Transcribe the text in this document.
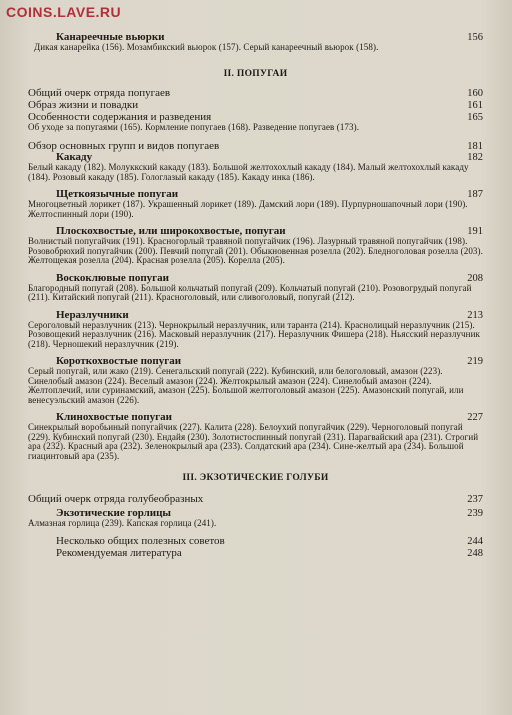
COINS.LAVE.RU
Канареечные вьюрки	156
Дикая канарейка (156). Мозамбикский вьюрок (157). Серый канареечный вьюрок (158).
II. ПОПУГАИ
Общий очерк отряда попугаев	160
Образ жизни и повадки	161
Особенности содержания и разведения	165
Об уходе за попугаями (165). Кормление попугаев (168). Разведение попугаев (173).
Обзор основных групп и видов попугаев	181
Какаду	182
Белый какаду (182). Молуккский какаду (183). Большой желтохохлый какаду (184). Малый желтохохлый какаду (184). Розовый какаду (185). Гологлазый какаду (185). Какаду инка (186).
Щеткоязычные попугаи	187
Многоцветный лорикет (187). Украшенный лорикет (189). Дамский лори (189). Пурпурношапочный лори (190). Желтоспинный лори (190).
Плоскохвостые, или широкохвостые, попугаи	191
Волнистый попугайчик (191). Красногорлый травяной попугайчик (196). Лазурный травяной попугайчик (198). Розовобрюхий попугайчик (200). Певчий попугай (201). Обыкновенная розелла (202). Бледноголовая розелла (203). Желтощекая розелла (204). Красная розелла (205). Корелла (205).
Воскоклювые попугаи	208
Благородный попугай (208). Большой кольчатый попугай (209). Кольчатый попугай (210). Розовогрудый попугай (211). Китайский попугай (211). Красноголовый, или сливоголовый, попугай (212).
Неразлучники	213
Сероголовый неразлучник (213). Чернокрылый неразлучник, или таранта (214). Краснолицый неразлучник (215). Розовощекий неразлучник (216). Масковый неразлучник (217). Неразлучник Фишера (218). Ньясский неразлучник (218). Черношекий неразлучник (219).
Короткохвостые попугаи	219
Серый попугай, или жако (219). Сенегальский попугай (222). Кубинский, или белоголовый, амазон (223). Синелобый амазон (224). Веселый амазон (224). Желтокрылый амазон (224). Синелобый амазон (224). Желтоплечий, или суринамский, амазон (225). Большой желтоголовый амазон (225). Амазонский попугай, или венесуэльский амазон (226).
Клинохвостые попугаи	227
Синекрылый воробьиный попугайчик (227). Калита (228). Белоухий попугайчик (229). Черноголовый попугай (229). Кубинский попугай (230). Ендайя (230). Золотистоспинный попугай (231). Парагвайский ара (231). Строгий ара (232). Красный ара (232). Зеленокрылый ара (233). Солдатский ара (234). Сине-желтый ара (234). Большой гиацинтовый ара (235).
III. ЭКЗОТИЧЕСКИЕ ГОЛУБИ
Общий очерк отряда голубеобразных	237
Экзотические горлицы	239
Алмазная горлица (239). Капская горлица (241).
Несколько общих полезных советов	244
Рекомендуемая литература	248
